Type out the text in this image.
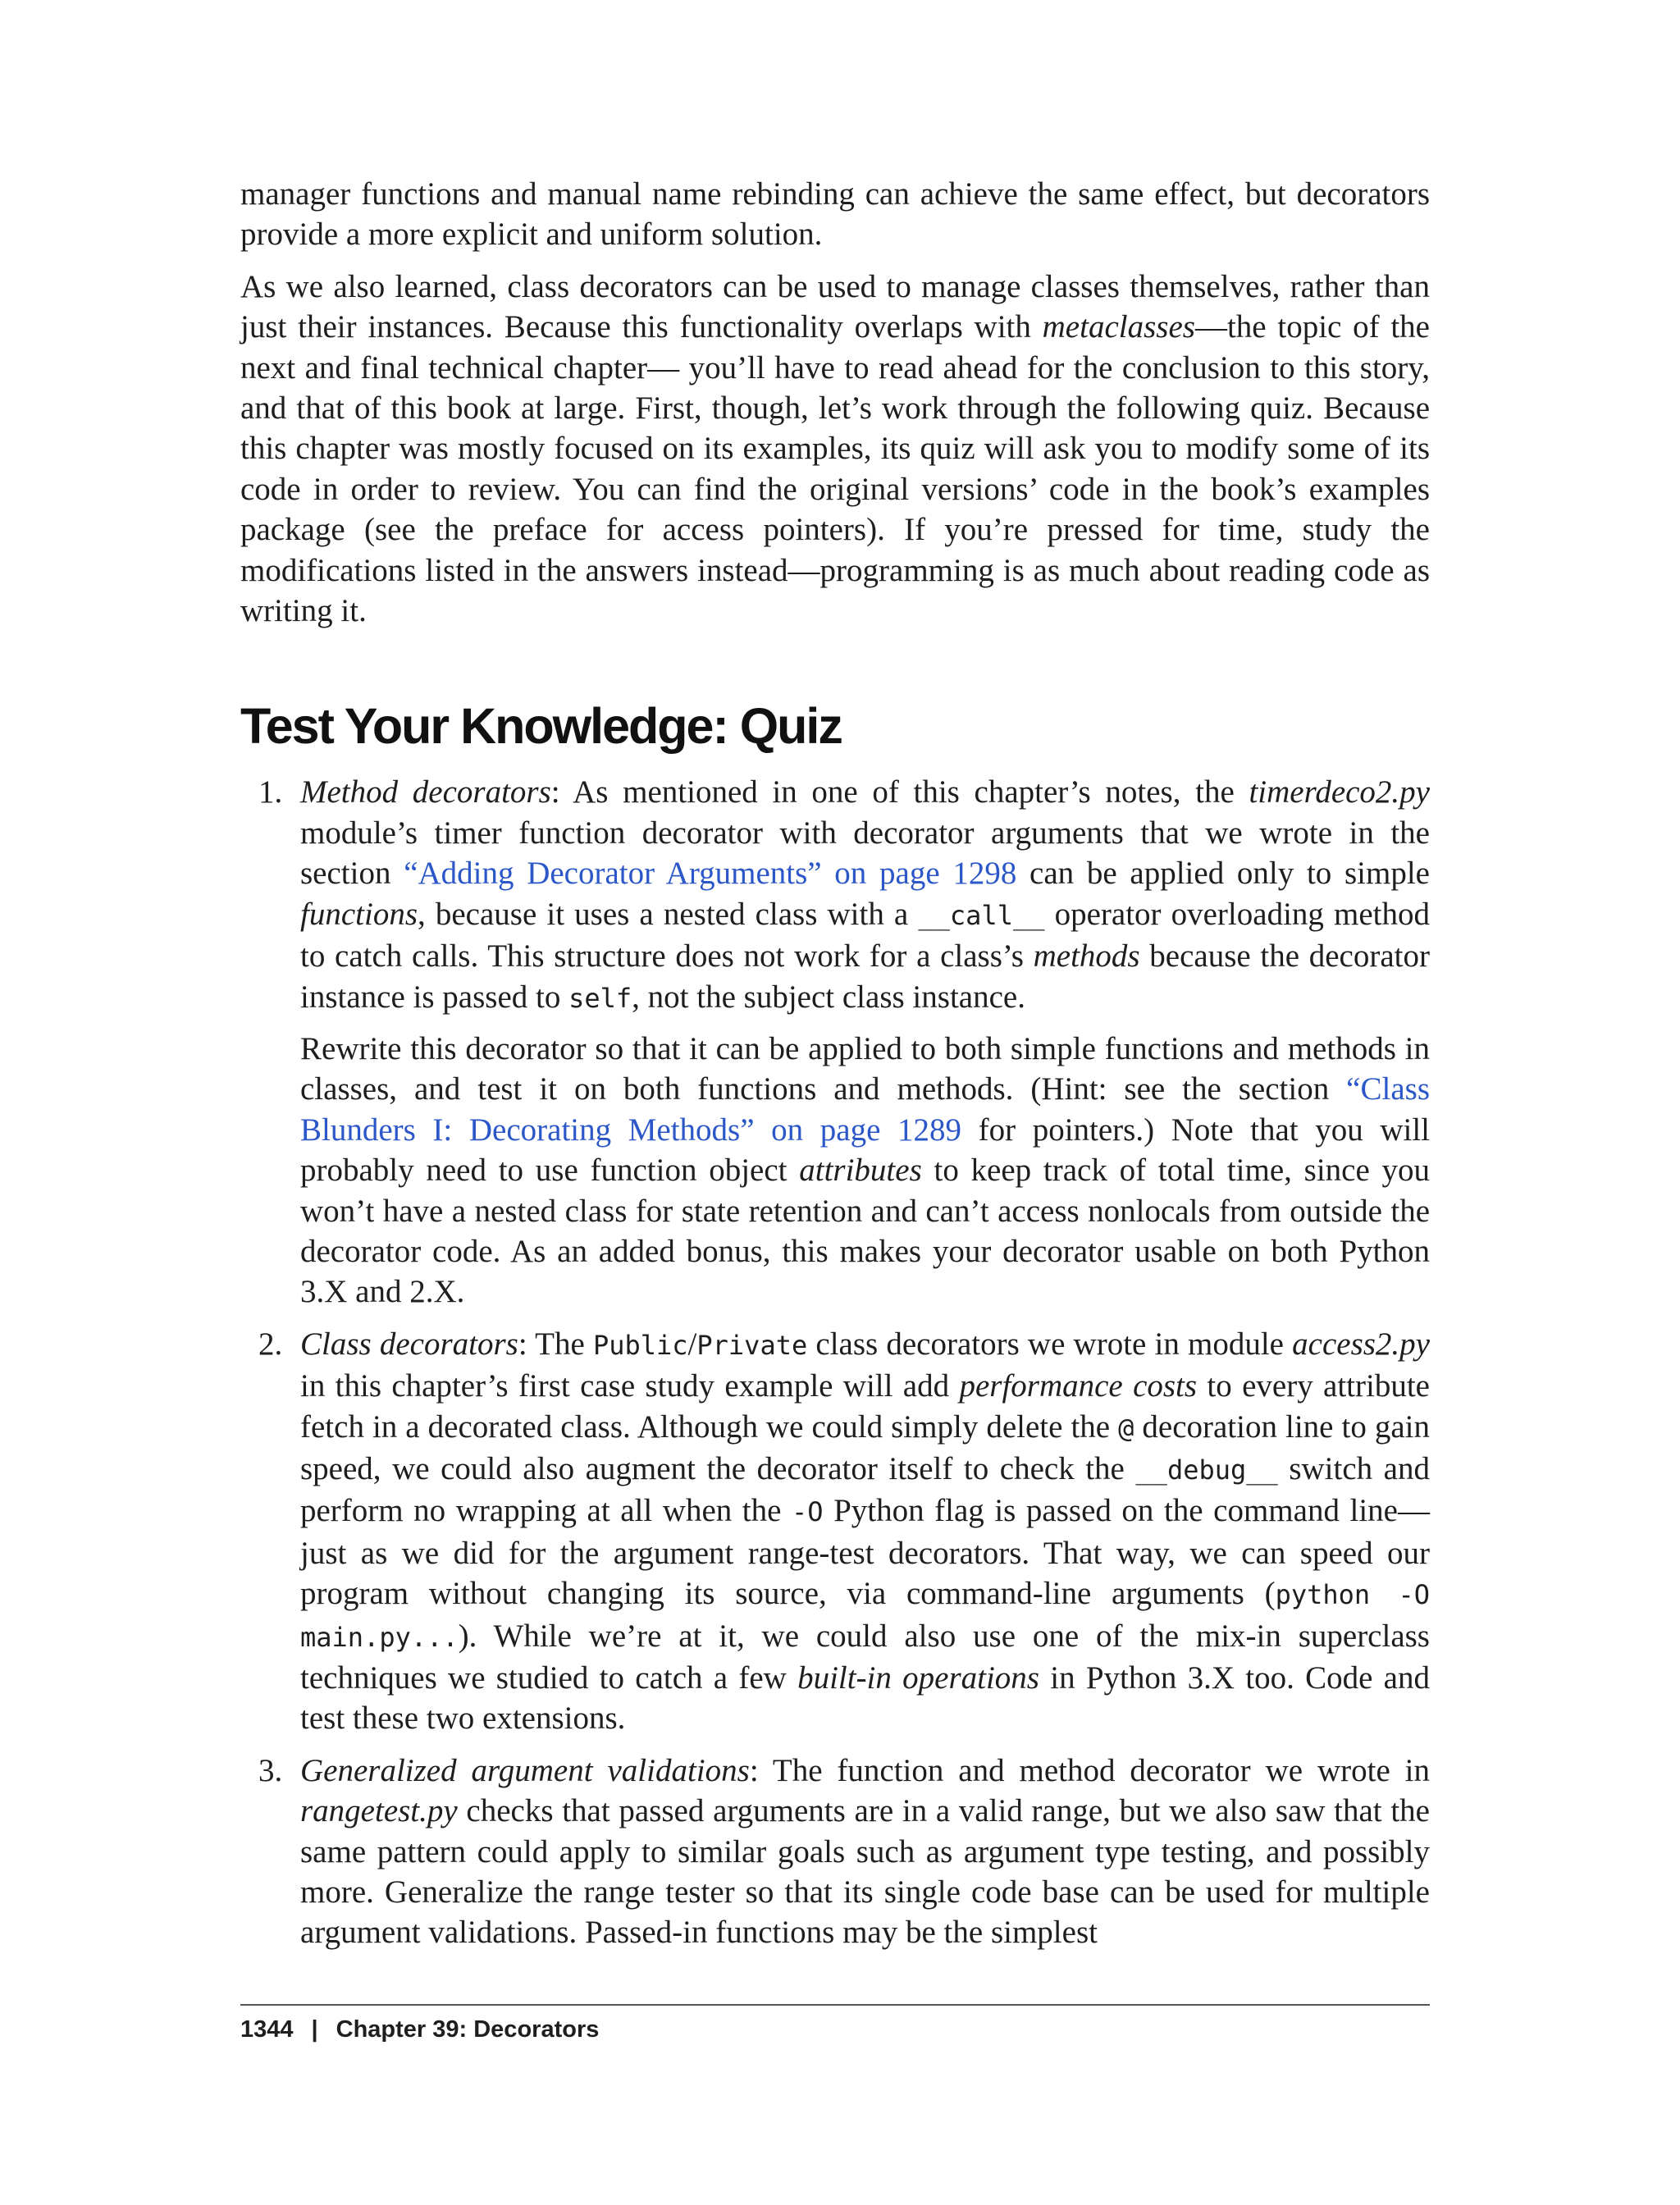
manager functions and manual name rebinding can achieve the same effect, but decorators provide a more explicit and uniform solution.

As we also learned, class decorators can be used to manage classes themselves, rather than just their instances. Because this functionality overlaps with metaclasses—the topic of the next and final technical chapter— you’ll have to read ahead for the conclusion to this story, and that of this book at large. First, though, let’s work through the following quiz. Because this chapter was mostly focused on its examples, its quiz will ask you to modify some of its code in order to review. You can find the original versions’ code in the book’s examples package (see the preface for access pointers). If you’re pressed for time, study the modifications listed in the answers instead—programming is as much about reading code as writing it.

Test Your Knowledge: Quiz
1. Method decorators: As mentioned in one of this chapter’s notes, the timerdeco2.py module’s timer function decorator with decorator arguments that we wrote in the section “Adding Decorator Arguments” on page 1298 can be applied only to simple functions, because it uses a nested class with a __call__ operator overloading method to catch calls. This structure does not work for a class’s methods because the decorator instance is passed to self, not the subject class instance.

Rewrite this decorator so that it can be applied to both simple functions and methods in classes, and test it on both functions and methods. (Hint: see the section “Class Blunders I: Decorating Methods” on page 1289 for pointers.) Note that you will probably need to use function object attributes to keep track of total time, since you won’t have a nested class for state retention and can’t access nonlocals from outside the decorator code. As an added bonus, this makes your decorator usable on both Python 3.X and 2.X.

2. Class decorators: The Public/Private class decorators we wrote in module access2.py in this chapter’s first case study example will add performance costs to every attribute fetch in a decorated class. Although we could simply delete the @ decoration line to gain speed, we could also augment the decorator itself to check the __debug__ switch and perform no wrapping at all when the -O Python flag is passed on the command line—just as we did for the argument range-test decorators. That way, we can speed our program without changing its source, via command-line arguments (python -O main.py...). While we’re at it, we could also use one of the mix-in superclass techniques we studied to catch a few built-in operations in Python 3.X too. Code and test these two extensions.

3. Generalized argument validations: The function and method decorator we wrote in rangetest.py checks that passed arguments are in a valid range, but we also saw that the same pattern could apply to similar goals such as argument type testing, and possibly more. Generalize the range tester so that its single code base can be used for multiple argument validations. Passed-in functions may be the simplest

1344 | Chapter 39: Decorators
